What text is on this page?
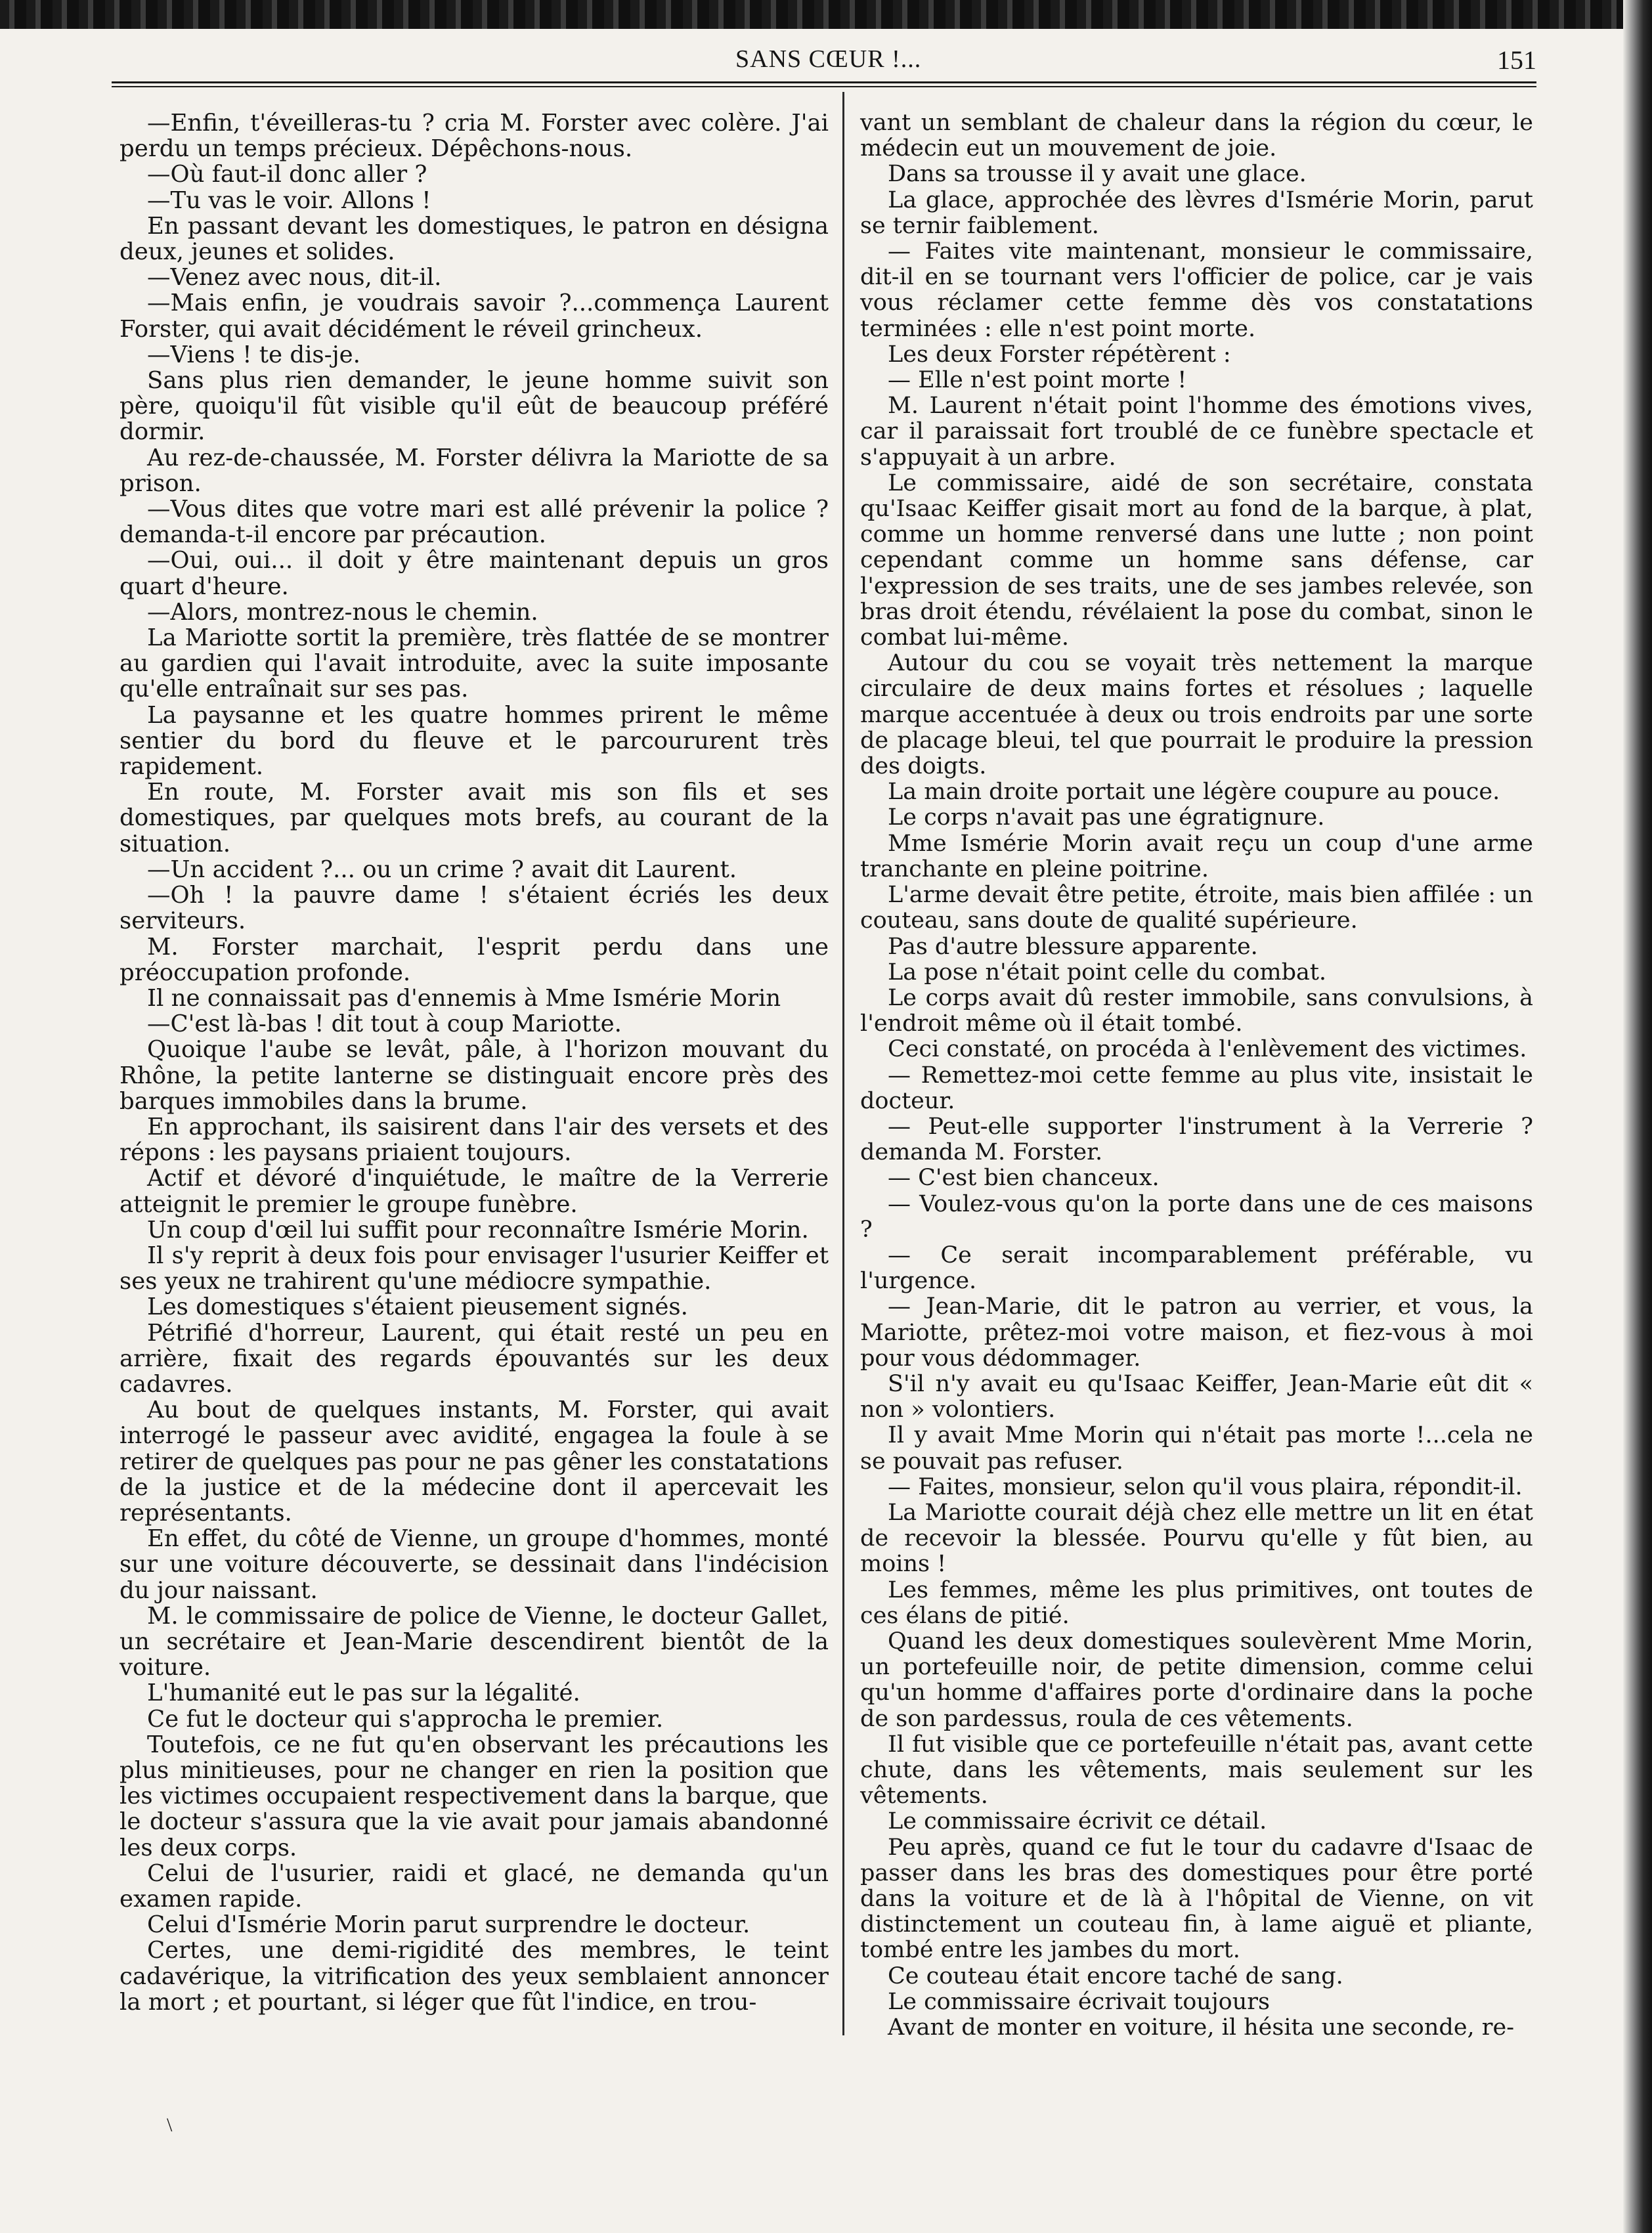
SANS CŒUR !...	151

—Enfin, t'éveilleras-tu ? cria M. Forster avec colère. J'ai perdu un temps précieux. Dépêchons-nous.

—Où faut-il donc aller ?

—Tu vas le voir. Allons !

En passant devant les domestiques, le patron en désigna deux, jeunes et solides.

—Venez avec nous, dit-il.

—Mais enfin, je voudrais savoir ?...commença Laurent Forster, qui avait décidément le réveil grincheux.

—Viens ! te dis-je.

Sans plus rien demander, le jeune homme suivit son père, quoiqu'il fût visible qu'il eût de beaucoup préféré dormir.

Au rez-de-chaussée, M. Forster délivra la Mariotte de sa prison.

—Vous dites que votre mari est allé prévenir la police ? demanda-t-il encore par précaution.

—Oui, oui... il doit y être maintenant depuis un gros quart d'heure.

—Alors, montrez-nous le chemin.

La Mariotte sortit la première, très flattée de se montrer au gardien qui l'avait introduite, avec la suite imposante qu'elle entraînait sur ses pas.

La paysanne et les quatre hommes prirent le même sentier du bord du fleuve et le parcoururent très rapidement.

En route, M. Forster avait mis son fils et ses domestiques, par quelques mots brefs, au courant de la situation.

—Un accident ?... ou un crime ? avait dit Laurent.

—Oh ! la pauvre dame ! s'étaient écriés les deux serviteurs.

M. Forster marchait, l'esprit perdu dans une préoccupation profonde.

Il ne connaissait pas d'ennemis à Mme Ismérie Morin

—C'est là-bas ! dit tout à coup Mariotte.

Quoique l'aube se levât, pâle, à l'horizon mouvant du Rhône, la petite lanterne se distinguait encore près des barques immobiles dans la brume.

En approchant, ils saisirent dans l'air des versets et des répons : les paysans priaient toujours.

Actif et dévoré d'inquiétude, le maître de la Verrerie atteignit le premier le groupe funèbre.

Un coup d'œil lui suffit pour reconnaître Ismérie Morin.

Il s'y reprit à deux fois pour envisager l'usurier Keiffer et ses yeux ne trahirent qu'une médiocre sympathie.

Les domestiques s'étaient pieusement signés.

Pétrifié d'horreur, Laurent, qui était resté un peu en arrière, fixait des regards épouvantés sur les deux cadavres.

Au bout de quelques instants, M. Forster, qui avait interrogé le passeur avec avidité, engagea la foule à se retirer de quelques pas pour ne pas gêner les constatations de la justice et de la médecine dont il apercevait les représentants.

En effet, du côté de Vienne, un groupe d'hommes, monté sur une voiture découverte, se dessinait dans l'indécision du jour naissant.

M. le commissaire de police de Vienne, le docteur Gallet, un secrétaire et Jean-Marie descendirent bientôt de la voiture.

L'humanité eut le pas sur la légalité.

Ce fut le docteur qui s'approcha le premier.

Toutefois, ce ne fut qu'en observant les précautions les plus minitieuses, pour ne changer en rien la position que les victimes occupaient respectivement dans la barque, que le docteur s'assura que la vie avait pour jamais abandonné les deux corps.

Celui de l'usurier, raidi et glacé, ne demanda qu'un examen rapide.

Celui d'Ismérie Morin parut surprendre le docteur.

Certes, une demi-rigidité des membres, le teint cadavérique, la vitrification des yeux semblaient annoncer la mort ; et pourtant, si léger que fût l'indice, en trou-

vant un semblant de chaleur dans la région du cœur, le médecin eut un mouvement de joie.

Dans sa trousse il y avait une glace.

La glace, approchée des lèvres d'Ismérie Morin, parut se ternir faiblement.

— Faites vite maintenant, monsieur le commissaire, dit-il en se tournant vers l'officier de police, car je vais vous réclamer cette femme dès vos constatations terminées : elle n'est point morte.

Les deux Forster répétèrent :

— Elle n'est point morte !

M. Laurent n'était point l'homme des émotions vives, car il paraissait fort troublé de ce funèbre spectacle et s'appuyait à un arbre.

Le commissaire, aidé de son secrétaire, constata qu'Isaac Keiffer gisait mort au fond de la barque, à plat, comme un homme renversé dans une lutte ; non point cependant comme un homme sans défense, car l'expression de ses traits, une de ses jambes relevée, son bras droit étendu, révélaient la pose du combat, sinon le combat lui-même.

Autour du cou se voyait très nettement la marque circulaire de deux mains fortes et résolues ; laquelle marque accentuée à deux ou trois endroits par une sorte de placage bleui, tel que pourrait le produire la pression des doigts.

La main droite portait une légère coupure au pouce.

Le corps n'avait pas une égratignure.

Mme Ismérie Morin avait reçu un coup d'une arme tranchante en pleine poitrine.

L'arme devait être petite, étroite, mais bien affilée : un couteau, sans doute de qualité supérieure.

Pas d'autre blessure apparente.

La pose n'était point celle du combat.

Le corps avait dû rester immobile, sans convulsions, à l'endroit même où il était tombé.

Ceci constaté, on procéda à l'enlèvement des victimes.

— Remettez-moi cette femme au plus vite, insistait le docteur.

— Peut-elle supporter l'instrument à la Verrerie ? demanda M. Forster.

— C'est bien chanceux.

— Voulez-vous qu'on la porte dans une de ces maisons ?

— Ce serait incomparablement préférable, vu l'urgence.

— Jean-Marie, dit le patron au verrier, et vous, la Mariotte, prêtez-moi votre maison, et fiez-vous à moi pour vous dédommager.

S'il n'y avait eu qu'Isaac Keiffer, Jean-Marie eût dit « non » volontiers.

Il y avait Mme Morin qui n'était pas morte !...cela ne se pouvait pas refuser.

— Faites, monsieur, selon qu'il vous plaira, répondit-il.

La Mariotte courait déjà chez elle mettre un lit en état de recevoir la blessée. Pourvu qu'elle y fût bien, au moins !

Les femmes, même les plus primitives, ont toutes de ces élans de pitié.

Quand les deux domestiques soulevèrent Mme Morin, un portefeuille noir, de petite dimension, comme celui qu'un homme d'affaires porte d'ordinaire dans la poche de son pardessus, roula de ces vêtements.

Il fut visible que ce portefeuille n'était pas, avant cette chute, dans les vêtements, mais seulement sur les vêtements.

Le commissaire écrivit ce détail.

Peu après, quand ce fut le tour du cadavre d'Isaac de passer dans les bras des domestiques pour être porté dans la voiture et de là à l'hôpital de Vienne, on vit distinctement un couteau fin, à lame aiguë et pliante, tombé entre les jambes du mort.

Ce couteau était encore taché de sang.

Le commissaire écrivait toujours

Avant de monter en voiture, il hésita une seconde, re-

\
